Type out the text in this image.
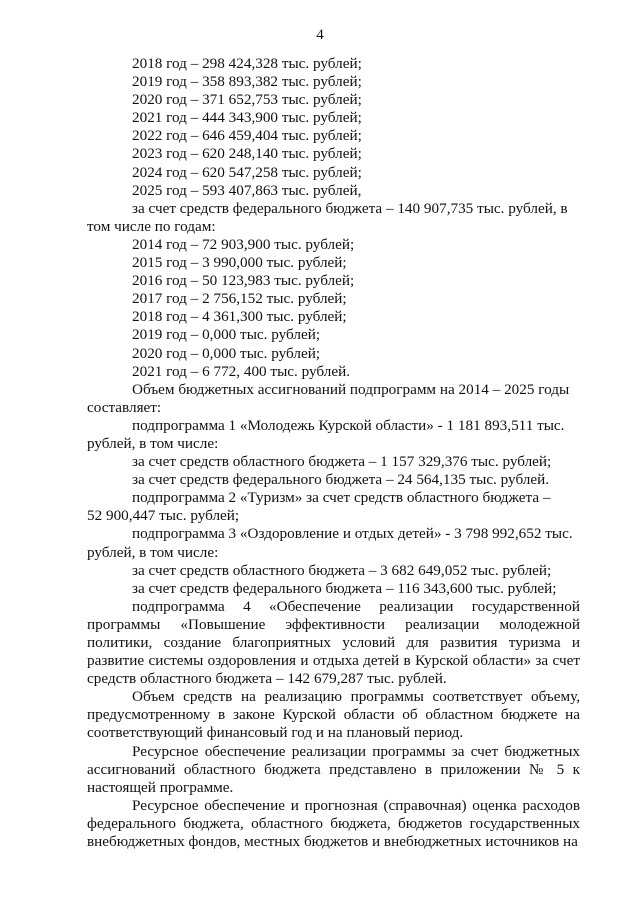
4
2018 год – 298 424,328 тыс. рублей;
2019 год – 358 893,382 тыс. рублей;
2020 год – 371 652,753 тыс. рублей;
2021 год – 444 343,900 тыс. рублей;
2022 год – 646 459,404 тыс. рублей;
2023 год – 620 248,140 тыс. рублей;
2024 год – 620 547,258 тыс. рублей;
2025 год – 593 407,863 тыс. рублей,
за счет средств федерального бюджета – 140 907,735 тыс. рублей, в
том числе по годам:
2014 год – 72 903,900 тыс. рублей;
2015 год – 3 990,000 тыс. рублей;
2016 год – 50 123,983 тыс. рублей;
2017 год – 2 756,152 тыс. рублей;
2018 год – 4 361,300 тыс. рублей;
2019 год – 0,000 тыс. рублей;
2020 год – 0,000 тыс. рублей;
2021 год – 6 772, 400 тыс. рублей.
Объем бюджетных ассигнований подпрограмм на 2014 – 2025 годы
составляет:
подпрограмма 1 «Молодежь Курской области» - 1 181 893,511 тыс.
рублей, в том числе:
за счет средств областного бюджета – 1 157 329,376 тыс. рублей;
за счет средств федерального бюджета – 24 564,135 тыс. рублей.
подпрограмма 2 «Туризм» за счет средств областного бюджета –
52 900,447 тыс. рублей;
подпрограмма 3 «Оздоровление и отдых детей» - 3 798 992,652 тыс.
рублей, в том числе:
за счет средств областного бюджета – 3 682 649,052 тыс. рублей;
за счет средств федерального бюджета – 116 343,600 тыс. рублей;

подпрограмма 4 «Обеспечение реализации государственной программы «Повышение эффективности реализации молодежной политики, создание благоприятных условий для развития туризма и развитие системы оздоровления и отдыха детей в Курской области» за счет средств областного бюджета – 142 679,287 тыс. рублей.

Объем средств на реализацию программы соответствует объему, предусмотренному в законе Курской области об областном бюджете на соответствующий финансовый год и на плановый период.

Ресурсное обеспечение реализации программы за счет бюджетных ассигнований областного бюджета представлено в приложении № 5 к настоящей программе.

Ресурсное обеспечение и прогнозная (справочная) оценка расходов федерального бюджета, областного бюджета, бюджетов государственных внебюджетных фондов, местных бюджетов и внебюджетных источников на
